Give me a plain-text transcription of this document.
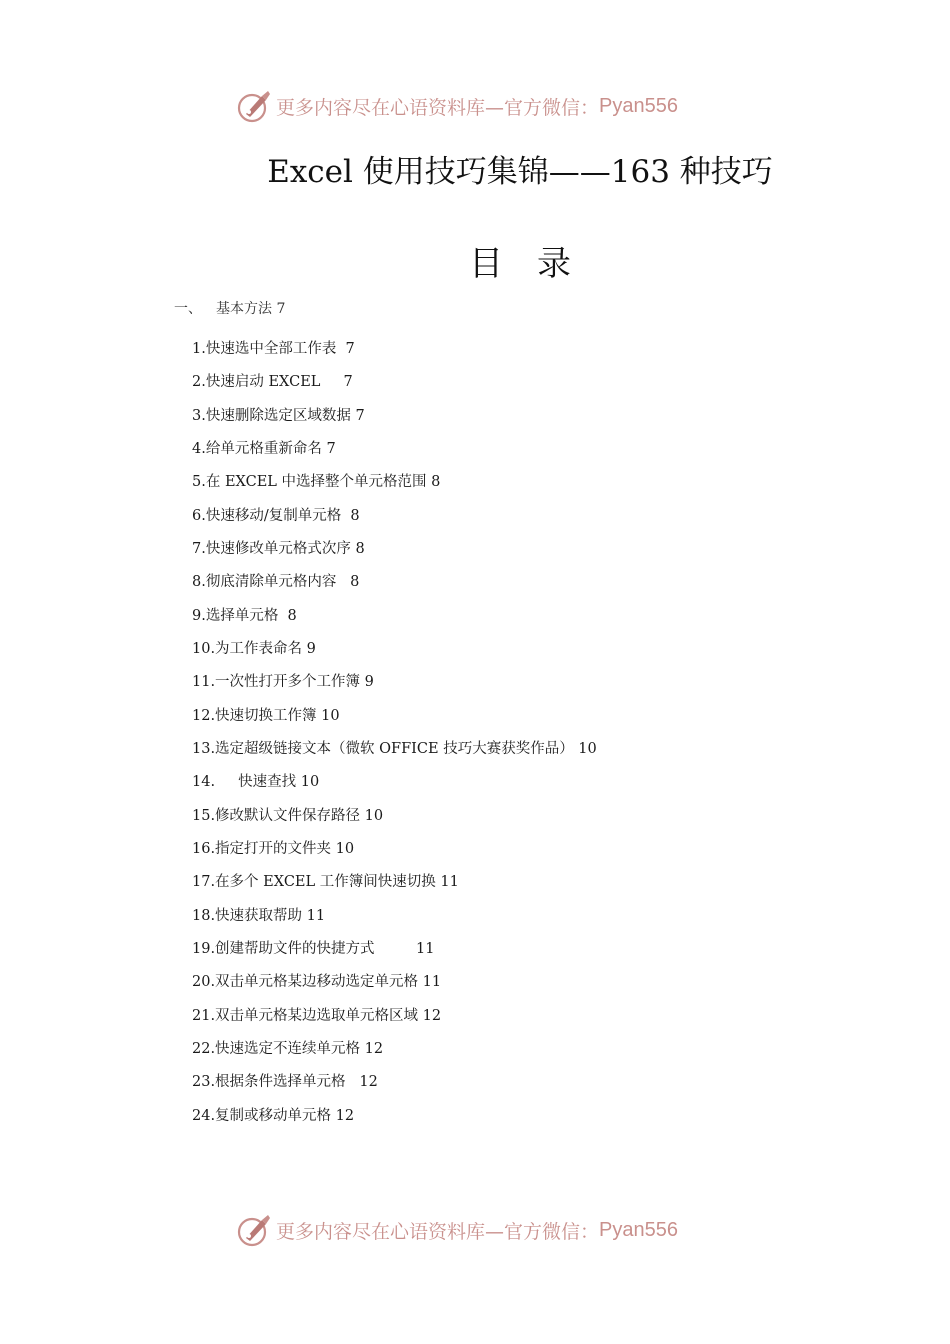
更多内容尽在心语资料库—官方微信： Pyan556
Excel 使用技巧集锦——163 种技巧
目录
一、	基本方法 7
1.快速选中全部工作表  7
2.快速启动 EXCEL     7
3.快速删除选定区域数据 7
4.给单元格重新命名 7
5.在 EXCEL 中选择整个单元格范围 8
6.快速移动/复制单元格  8
7.快速修改单元格式次序 8
8.彻底清除单元格内容   8
9.选择单元格  8
10.为工作表命名 9
11.一次性打开多个工作簿 9
12.快速切换工作簿 10
13.选定超级链接文本（微软 OFFICE 技巧大赛获奖作品） 10
14.     快速查找 10
15.修改默认文件保存路径 10
16.指定打开的文件夹 10
17.在多个 EXCEL 工作簿间快速切换 11
18.快速获取帮助 11
19.创建帮助文件的快捷方式         11
20.双击单元格某边移动选定单元格 11
21.双击单元格某边选取单元格区域 12
22.快速选定不连续单元格 12
23.根据条件选择单元格   12
24.复制或移动单元格 12
更多内容尽在心语资料库—官方微信： Pyan556
